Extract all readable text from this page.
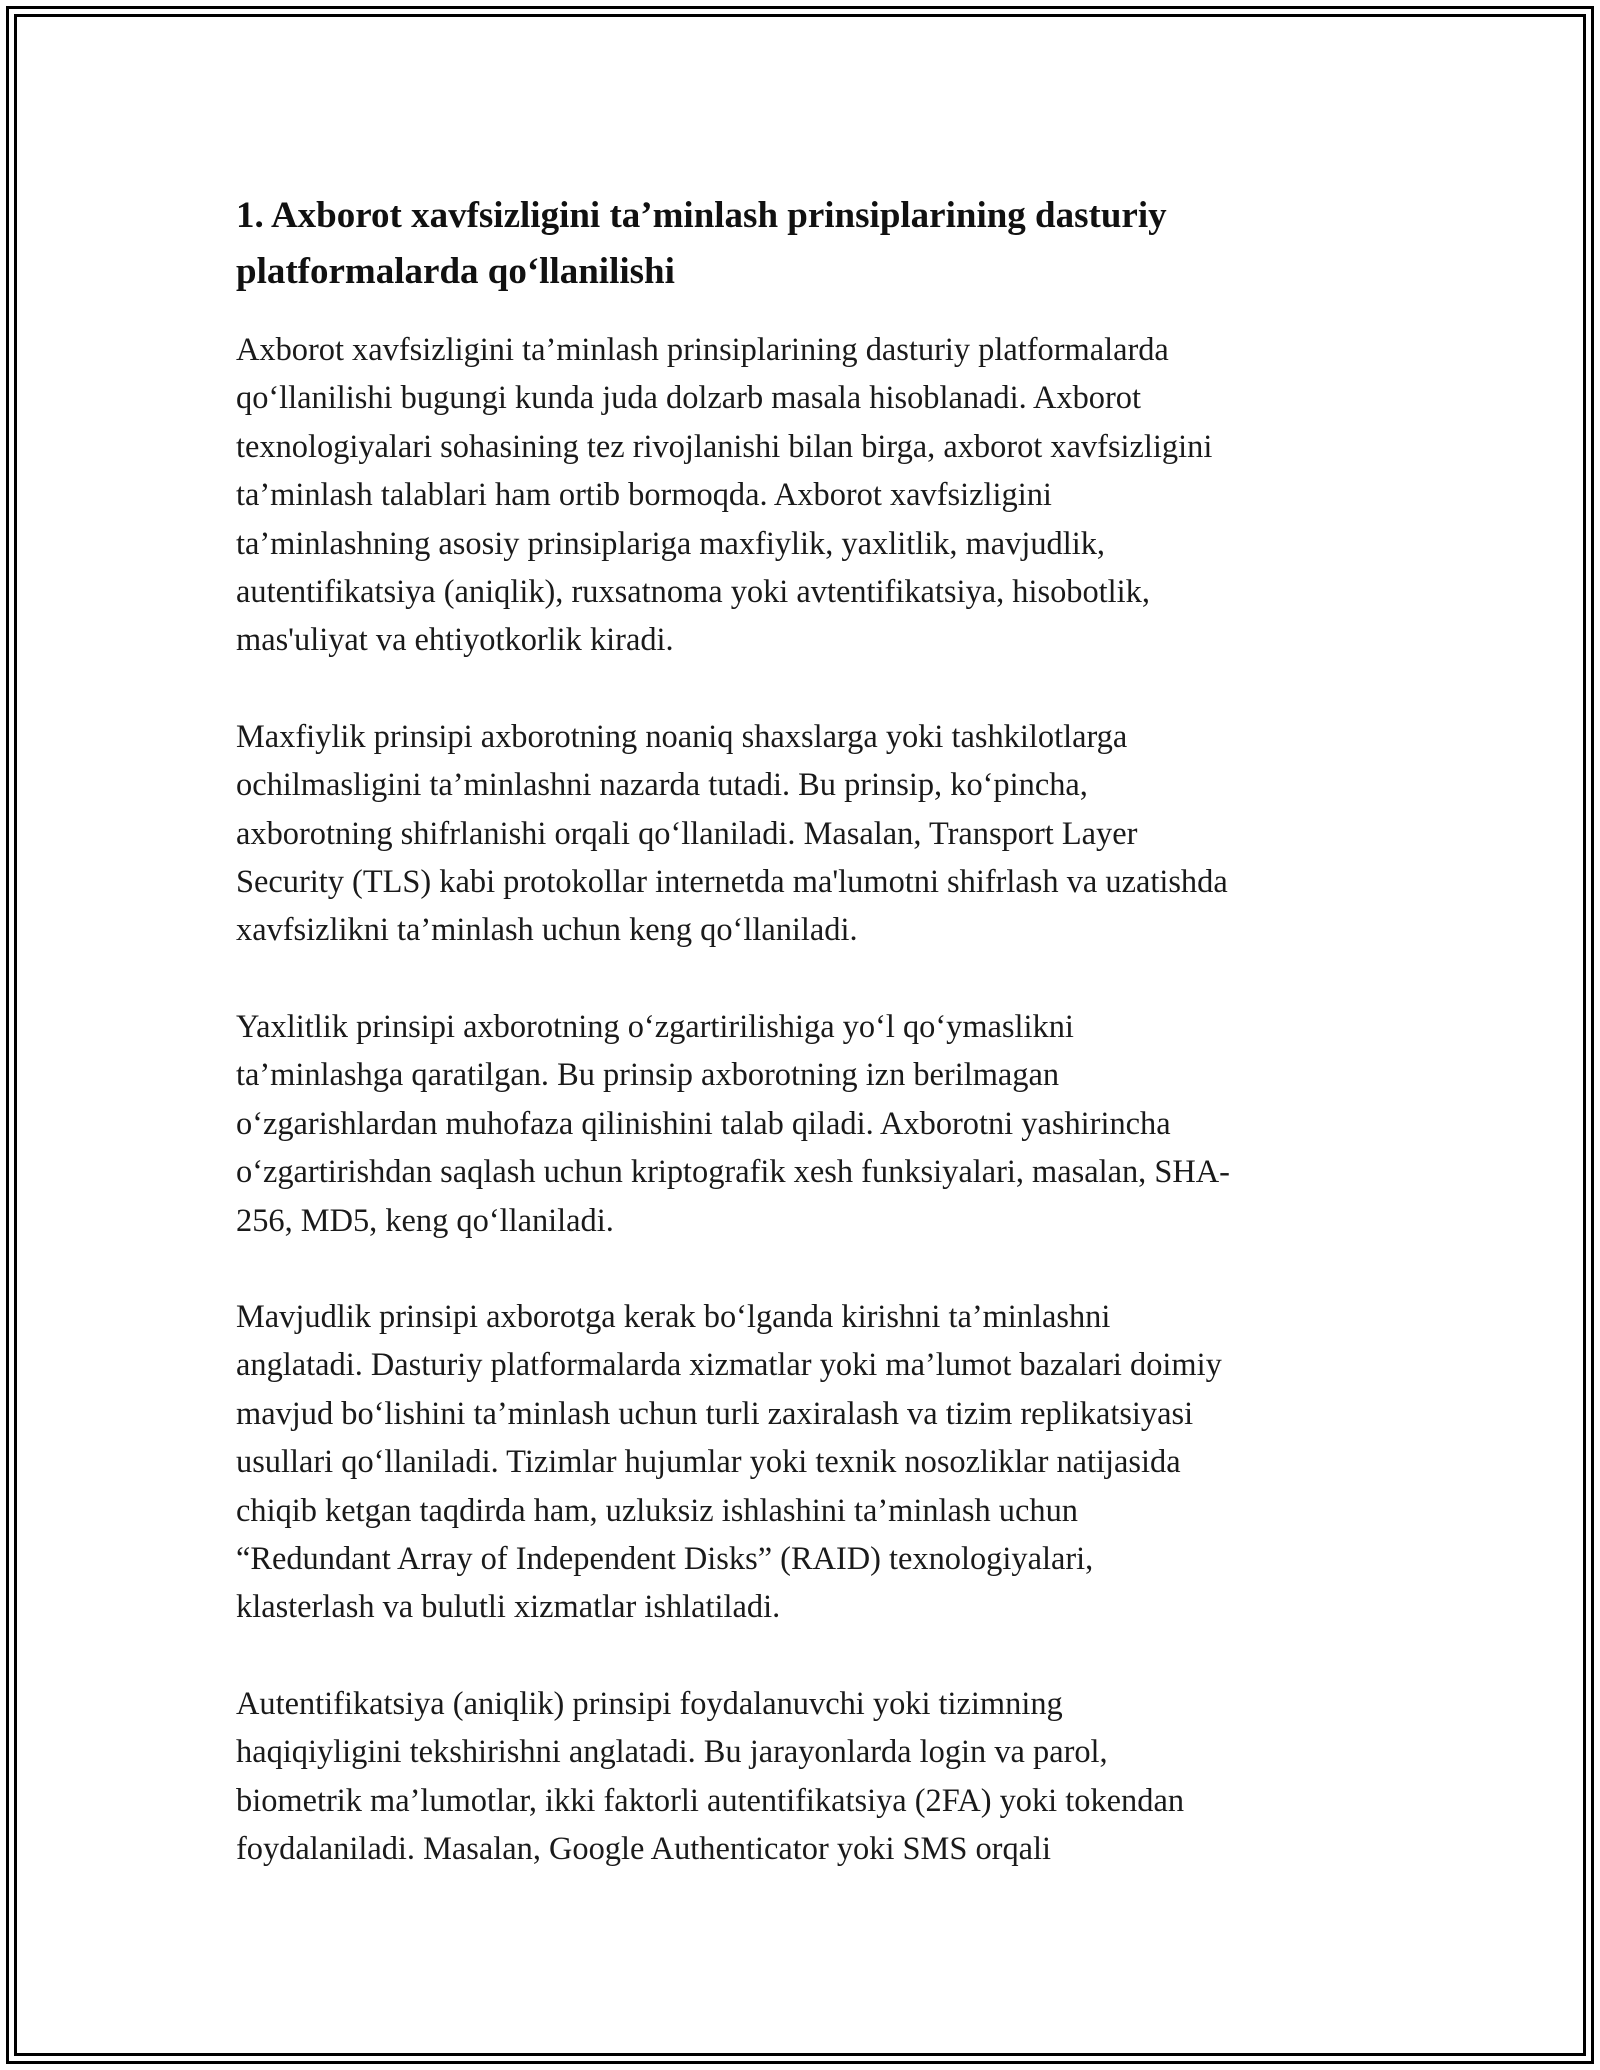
1. Axborot xavfsizligini ta’minlash prinsiplarining dasturiy
platformalarda qo‘llanilishi

Axborot xavfsizligini ta’minlash prinsiplarining dasturiy platformalarda
qo‘llanilishi bugungi kunda juda dolzarb masala hisoblanadi. Axborot
texnologiyalari sohasining tez rivojlanishi bilan birga, axborot xavfsizligini
ta’minlash talablari ham ortib bormoqda. Axborot xavfsizligini
ta’minlashning asosiy prinsiplariga maxfiylik, yaxlitlik, mavjudlik,
autentifikatsiya (aniqlik), ruxsatnoma yoki avtentifikatsiya, hisobotlik,
mas'uliyat va ehtiyotkorlik kiradi.

Maxfiylik prinsipi axborotning noaniq shaxslarga yoki tashkilotlarga
ochilmasligini ta’minlashni nazarda tutadi. Bu prinsip, ko‘pincha,
axborotning shifrlanishi orqali qo‘llaniladi. Masalan, Transport Layer
Security (TLS) kabi protokollar internetda ma'lumotni shifrlash va uzatishda
xavfsizlikni ta’minlash uchun keng qo‘llaniladi.

Yaxlitlik prinsipi axborotning o‘zgartirilishiga yo‘l qo‘ymaslikni
ta’minlashga qaratilgan. Bu prinsip axborotning izn berilmagan
o‘zgarishlardan muhofaza qilinishini talab qiladi. Axborotni yashirincha
o‘zgartirishdan saqlash uchun kriptografik xesh funksiyalari, masalan, SHA-
256, MD5, keng qo‘llaniladi.

Mavjudlik prinsipi axborotga kerak bo‘lganda kirishni ta’minlashni
anglatadi. Dasturiy platformalarda xizmatlar yoki ma’lumot bazalari doimiy
mavjud bo‘lishini ta’minlash uchun turli zaxiralash va tizim replikatsiyasi
usullari qo‘llaniladi. Tizimlar hujumlar yoki texnik nosozliklar natijasida
chiqib ketgan taqdirda ham, uzluksiz ishlashini ta’minlash uchun
“Redundant Array of Independent Disks” (RAID) texnologiyalari,
klasterlash va bulutli xizmatlar ishlatiladi.

Autentifikatsiya (aniqlik) prinsipi foydalanuvchi yoki tizimning
haqiqiyligini tekshirishni anglatadi. Bu jarayonlarda login va parol,
biometrik ma’lumotlar, ikki faktorli autentifikatsiya (2FA) yoki tokendan
foydalaniladi. Masalan, Google Authenticator yoki SMS orqali
